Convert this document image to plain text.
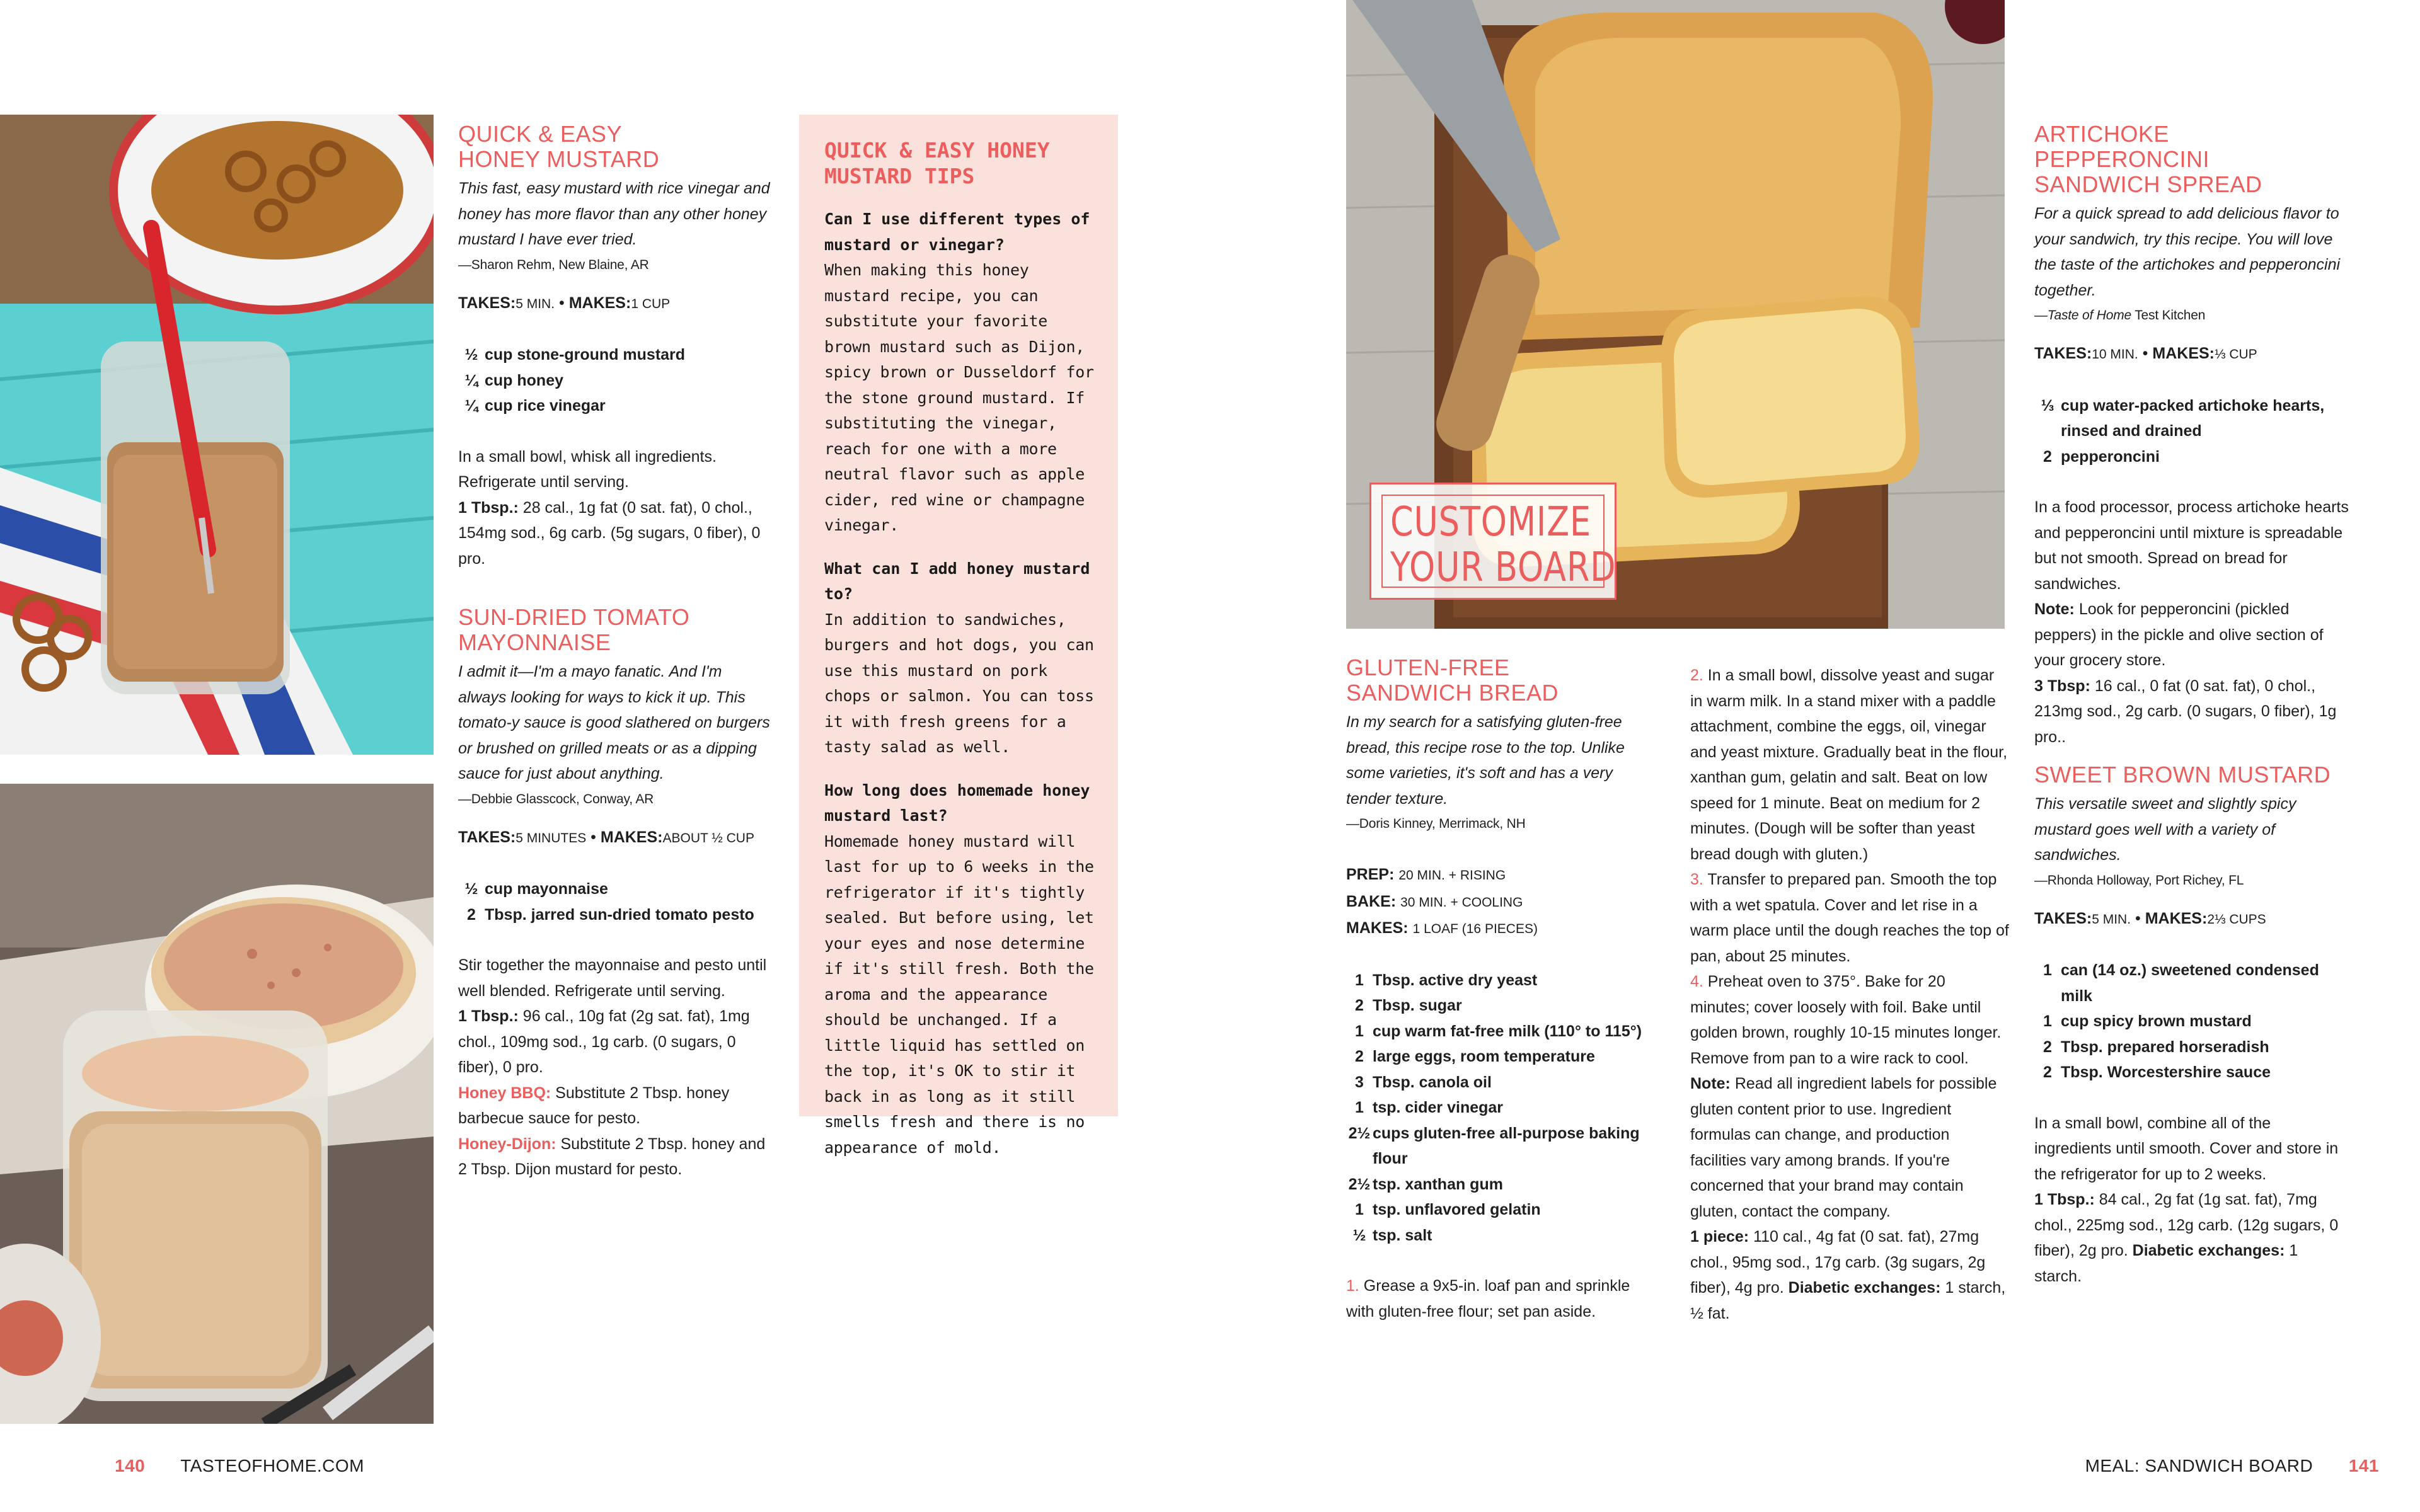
QUICK & EASY
HONEY MUSTARD

This fast, easy mustard with rice vinegar and honey has more flavor than any other honey mustard I have ever tried.

—Sharon Rehm, New Blaine, AR

TAKES:5 MIN. • MAKES:1 CUP

½ cup stone-ground mustard
¼ cup honey
¼ cup rice vinegar

In a small bowl, whisk all ingredients. Refrigerate until serving.

1 Tbsp.: 28 cal., 1g fat (0 sat. fat), 0 chol., 154mg sod., 6g carb. (5g sugars, 0 fiber), 0 pro.

SUN-DRIED TOMATO
MAYONNAISE

I admit it—I'm a mayo fanatic. And I'm always looking for ways to kick it up. This tomato-y sauce is good slathered on burgers or brushed on grilled meats or as a dipping sauce for just about anything.

—Debbie Glasscock, Conway, AR

TAKES:5 MINUTES • MAKES:ABOUT ½ CUP

½ cup mayonnaise
2 Tbsp. jarred sun-dried tomato pesto

Stir together the mayonnaise and pesto until well blended. Refrigerate until serving.

1 Tbsp.: 96 cal., 10g fat (2g sat. fat), 1mg chol., 109mg sod., 1g carb. (0 sugars, 0 fiber), 0 pro.

Honey BBQ: Substitute 2 Tbsp. honey barbecue sauce for pesto.

Honey-Dijon: Substitute 2 Tbsp. honey and 2 Tbsp. Dijon mustard for pesto.

QUICK & EASY HONEY MUSTARD TIPS

Can I use different types of mustard or vinegar?

When making this honey mustard recipe, you can substitute your favorite brown mustard such as Dijon, spicy brown or Dusseldorf for the stone ground mustard. If substituting the vinegar, reach for one with a more neutral flavor such as apple cider, red wine or champagne vinegar.

What can I add honey mustard to?

In addition to sandwiches, burgers and hot dogs, you can use this mustard on pork chops or salmon. You can toss it with fresh greens for a tasty salad as well.

How long does homemade honey mustard last?

Homemade honey mustard will last for up to 6 weeks in the refrigerator if it's tightly sealed. But before using, let your eyes and nose determine if it's still fresh. Both the aroma and the appearance should be unchanged. If a little liquid has settled on the top, it's OK to stir it back in as long as it still smells fresh and there is no appearance of mold.

CUSTOMIZE
YOUR BOARD
GLUTEN-FREE
SANDWICH BREAD

In my search for a satisfying gluten-free bread, this recipe rose to the top. Unlike some varieties, it's soft and has a very tender texture.

—Doris Kinney, Merrimack, NH

PREP: 20 MIN. + RISING

BAKE: 30 MIN. + COOLING

MAKES: 1 LOAF (16 PIECES)

1 Tbsp. active dry yeast
2 Tbsp. sugar
1 cup warm fat-free milk (110° to 115°)
2 large eggs, room temperature
3 Tbsp. canola oil
1 tsp. cider vinegar
2½ cups gluten-free all-purpose baking flour
2½ tsp. xanthan gum
1 tsp. unflavored gelatin
½ tsp. salt

1. Grease a 9x5-in. loaf pan and sprinkle with gluten-free flour; set pan aside.

2. In a small bowl, dissolve yeast and sugar in warm milk. In a stand mixer with a paddle attachment, combine the eggs, oil, vinegar and yeast mixture. Gradually beat in the flour, xanthan gum, gelatin and salt. Beat on low speed for 1 minute. Beat on medium for 2 minutes. (Dough will be softer than yeast bread dough with gluten.)

3. Transfer to prepared pan. Smooth the top with a wet spatula. Cover and let rise in a warm place until the dough reaches the top of pan, about 25 minutes.

4. Preheat oven to 375°. Bake for 20 minutes; cover loosely with foil. Bake until golden brown, roughly 10-15 minutes longer. Remove from pan to a wire rack to cool.

Note: Read all ingredient labels for possible gluten content prior to use. Ingredient formulas can change, and production facilities vary among brands. If you're concerned that your brand may contain gluten, contact the company.

1 piece: 110 cal., 4g fat (0 sat. fat), 27mg chol., 95mg sod., 17g carb. (3g sugars, 2g fiber), 4g pro. Diabetic exchanges: 1 starch, ½ fat.

ARTICHOKE PEPPERONCINI
SANDWICH SPREAD

For a quick spread to add delicious flavor to your sandwich, try this recipe. You will love the taste of the artichokes and pepperoncini together.

—Taste of Home Test Kitchen

TAKES:10 MIN. • MAKES:⅓ CUP

⅓ cup water-packed artichoke hearts, rinsed and drained
2 pepperoncini

In a food processor, process artichoke hearts and pepperoncini until mixture is spreadable but not smooth. Spread on bread for sandwiches.

Note: Look for pepperoncini (pickled peppers) in the pickle and olive section of your grocery store.

3 Tbsp: 16 cal., 0 fat (0 sat. fat), 0 chol., 213mg sod., 2g carb. (0 sugars, 0 fiber), 1g pro..

SWEET BROWN MUSTARD

This versatile sweet and slightly spicy mustard goes well with a variety of sandwiches.

—Rhonda Holloway, Port Richey, FL

TAKES:5 MIN. • MAKES:2⅓ CUPS

1 can (14 oz.) sweetened condensed milk
1 cup spicy brown mustard
2 Tbsp. prepared horseradish
2 Tbsp. Worcestershire sauce

In a small bowl, combine all of the ingredients until smooth. Cover and store in the refrigerator for up to 2 weeks.

1 Tbsp.: 84 cal., 2g fat (1g sat. fat), 7mg chol., 225mg sod., 12g carb. (12g sugars, 0 fiber), 2g pro. Diabetic exchanges: 1 starch.

140 TASTEOFHOME.COM	MEAL: SANDWICH BOARD 141
